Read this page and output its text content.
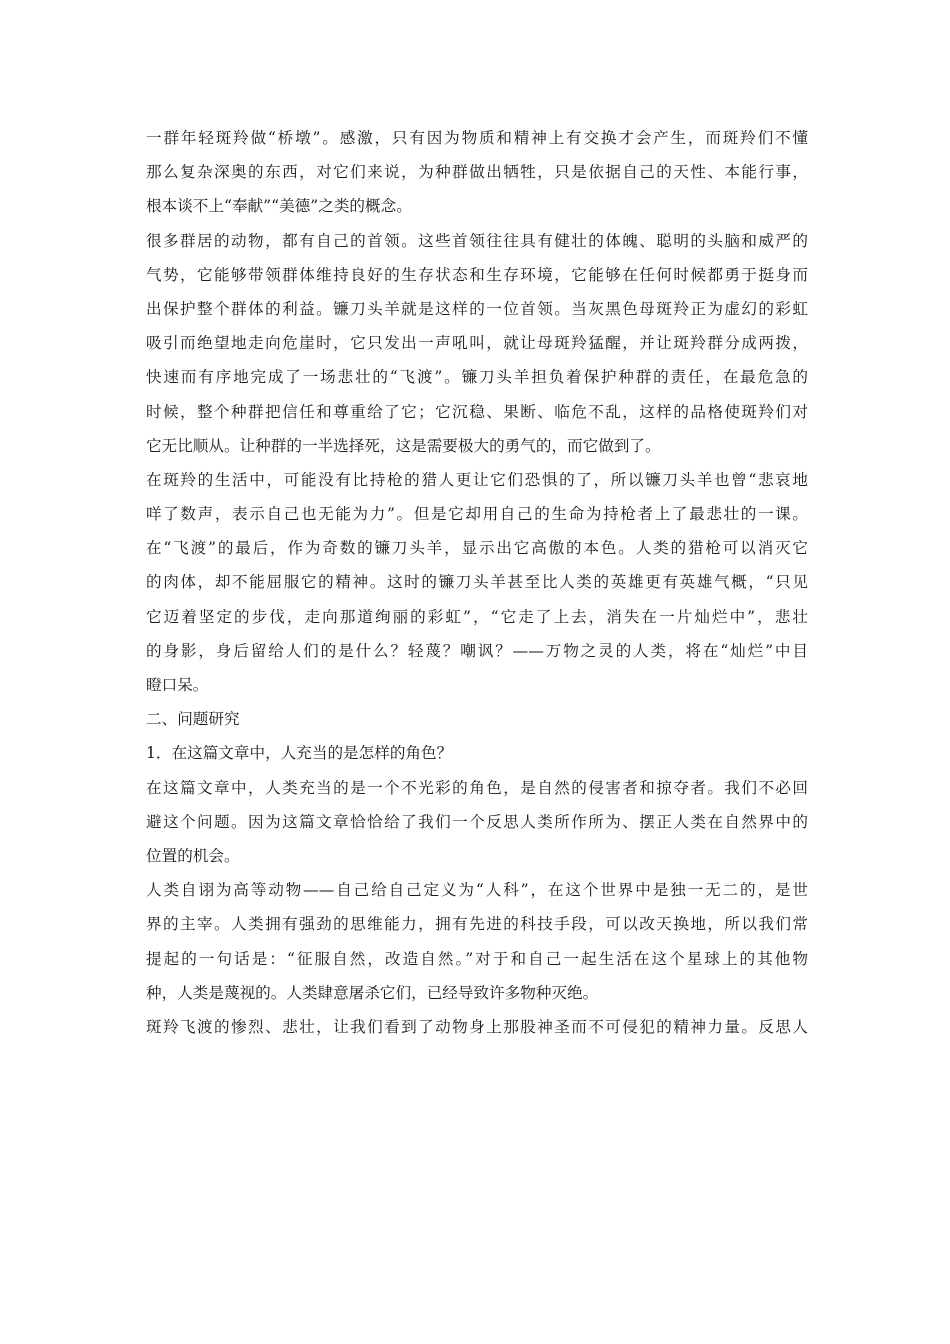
一群年轻斑羚做“桥墩”。感激，只有因为物质和精神上有交换才会产生，而斑羚们不懂
那么复杂深奥的东西，对它们来说，为种群做出牺牲，只是依据自己的天性、本能行事，
根本谈不上“奉献”“美德”之类的概念。
很多群居的动物，都有自己的首领。这些首领往往具有健壮的体魄、聪明的头脑和威严的
气势，它能够带领群体维持良好的生存状态和生存环境，它能够在任何时候都勇于挺身而
出保护整个群体的利益。镰刀头羊就是这样的一位首领。当灰黑色母斑羚正为虚幻的彩虹
吸引而绝望地走向危崖时，它只发出一声吼叫，就让母斑羚猛醒，并让斑羚群分成两拨，
快速而有序地完成了一场悲壮的“飞渡”。镰刀头羊担负着保护种群的责任，在最危急的
时候，整个种群把信任和尊重给了它；它沉稳、果断、临危不乱，这样的品格使斑羚们对
它无比顺从。让种群的一半选择死，这是需要极大的勇气的，而它做到了。
在斑羚的生活中，可能没有比持枪的猎人更让它们恐惧的了，所以镰刀头羊也曾“悲哀地
咩了数声，表示自己也无能为力”。但是它却用自己的生命为持枪者上了最悲壮的一课。
在“飞渡”的最后，作为奇数的镰刀头羊，显示出它高傲的本色。人类的猎枪可以消灭它
的肉体，却不能屈服它的精神。这时的镰刀头羊甚至比人类的英雄更有英雄气概，“只见
它迈着坚定的步伐，走向那道绚丽的彩虹”，“它走了上去，消失在一片灿烂中”，悲壮
的身影，身后留给人们的是什么？轻蔑？嘲讽？——万物之灵的人类，将在“灿烂”中目
瞪口呆。
二、问题研究
1．在这篇文章中，人充当的是怎样的角色？
在这篇文章中，人类充当的是一个不光彩的角色，是自然的侵害者和掠夺者。我们不必回
避这个问题。因为这篇文章恰恰给了我们一个反思人类所作所为、摆正人类在自然界中的
位置的机会。
人类自诩为高等动物——自己给自己定义为“人科”，在这个世界中是独一无二的，是世
界的主宰。人类拥有强劲的思维能力，拥有先进的科技手段，可以改天换地，所以我们常
提起的一句话是：“征服自然，改造自然。”对于和自己一起生活在这个星球上的其他物
种，人类是蔑视的。人类肆意屠杀它们，已经导致许多物种灭绝。
斑羚飞渡的惨烈、悲壮，让我们看到了动物身上那股神圣而不可侵犯的精神力量。反思人
